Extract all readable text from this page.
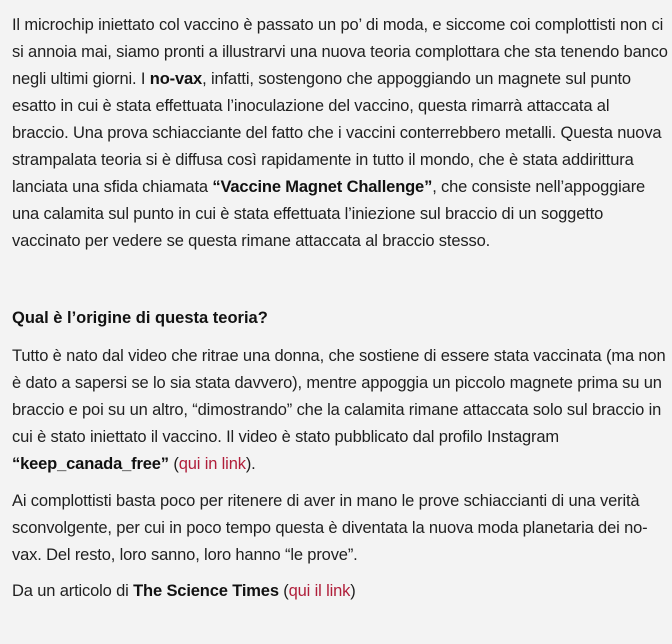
Il microchip iniettato col vaccino è passato un po’ di moda, e siccome coi complottisti non ci si annoia mai, siamo pronti a illustrarvi una nuova teoria complottara che sta tenendo banco negli ultimi giorni. I no-vax, infatti, sostengono che appoggiando un magnete sul punto esatto in cui è stata effettuata l’inoculazione del vaccino, questa rimarrà attaccata al braccio. Una prova schiacciante del fatto che i vaccini conterrebbero metalli. Questa nuova strampalata teoria si è diffusa così rapidamente in tutto il mondo, che è stata addirittura lanciata una sfida chiamata “Vaccine Magnet Challenge”, che consiste nell’appoggiare una calamita sul punto in cui è stata effettuata l’iniezione sul braccio di un soggetto vaccinato per vedere se questa rimane attaccata al braccio stesso.

Qual è l’origine di questa teoria?

Tutto è nato dal video che ritrae una donna, che sostiene di essere stata vaccinata (ma non è dato a sapersi se lo sia stata davvero), mentre appoggia un piccolo magnete prima su un braccio e poi su un altro, “dimostrando” che la calamita rimane attaccata solo sul braccio in cui è stato iniettato il vaccino. Il video è stato pubblicato dal profilo Instagram “keep_canada_free” (qui in link).

Ai complottisti basta poco per ritenere di aver in mano le prove schiaccianti di una verità sconvolgente, per cui in poco tempo questa è diventata la nuova moda planetaria dei no-vax. Del resto, loro sanno, loro hanno “le prove”.

Da un articolo di The Science Times (qui il link)
